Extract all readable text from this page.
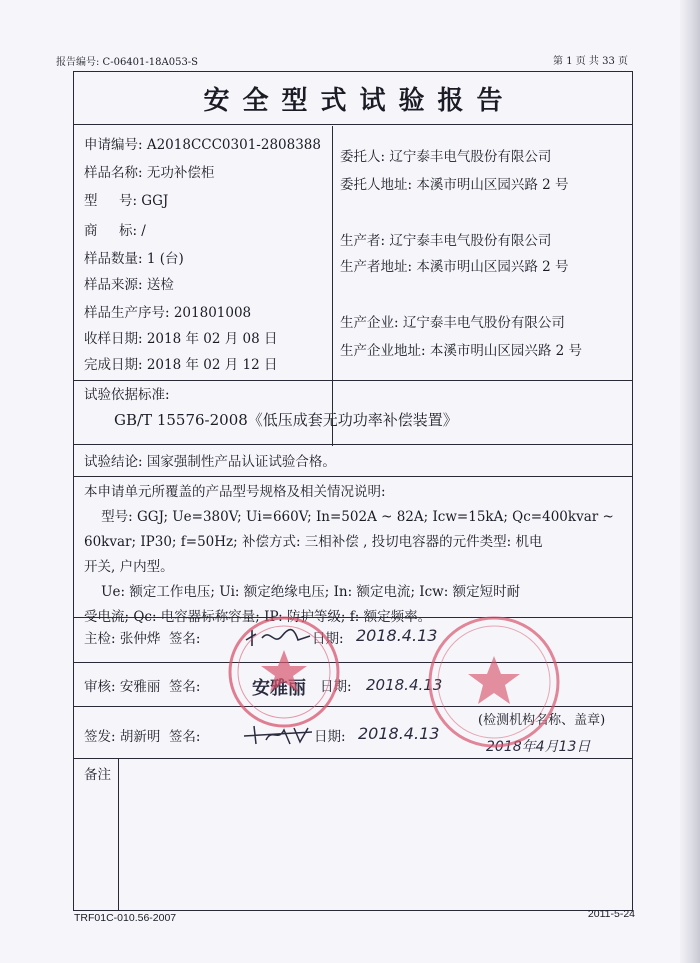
报告编号: C-06401-18A053-S	第 1 页 共 33 页
安全型式试验报告
申请编号: A2018CCC0301-2808388
样品名称: 无功补偿柜
型     号: GGJ
商     标: /
样品数量: 1 (台)
样品来源: 送检
样品生产序号: 201801008
收样日期: 2018 年 02 月 08 日
完成日期: 2018 年 02 月 12 日
委托人: 辽宁泰丰电气股份有限公司
委托人地址: 本溪市明山区园兴路 2 号
生产者: 辽宁泰丰电气股份有限公司
生产者地址: 本溪市明山区园兴路 2 号
生产企业: 辽宁泰丰电气股份有限公司
生产企业地址: 本溪市明山区园兴路 2 号
试验依据标准:
GB/T 15576-2008《低压成套无功功率补偿装置》
试验结论: 国家强制性产品认证试验合格。
本申请单元所覆盖的产品型号规格及相关情况说明:
型号: GGJ; Ue=380V; Ui=660V; In=502A ~ 82A; Icw=15kA; Qc=400kvar ~
60kvar; IP30; f=50Hz; 补偿方式: 三相补偿 , 投切电容器的元件类型: 机电
开关, 户内型。
Ue: 额定工作电压; Ui: 额定绝缘电压; In: 额定电流; Icw: 额定短时耐
受电流; Qc: 电容器标称容量; IP: 防护等级; f: 额定频率。
主检: 张仲烨  签名:	日期: 2018.4.13
审核: 安雅丽  签名:	安雅丽 日期: 2018.4.13
签发: 胡新明  签名:	日期: 2018.4.13
(检测机构名称、盖章)
2018年4月13日
备注
TRF01C-010.56-2007	2011-5-24
